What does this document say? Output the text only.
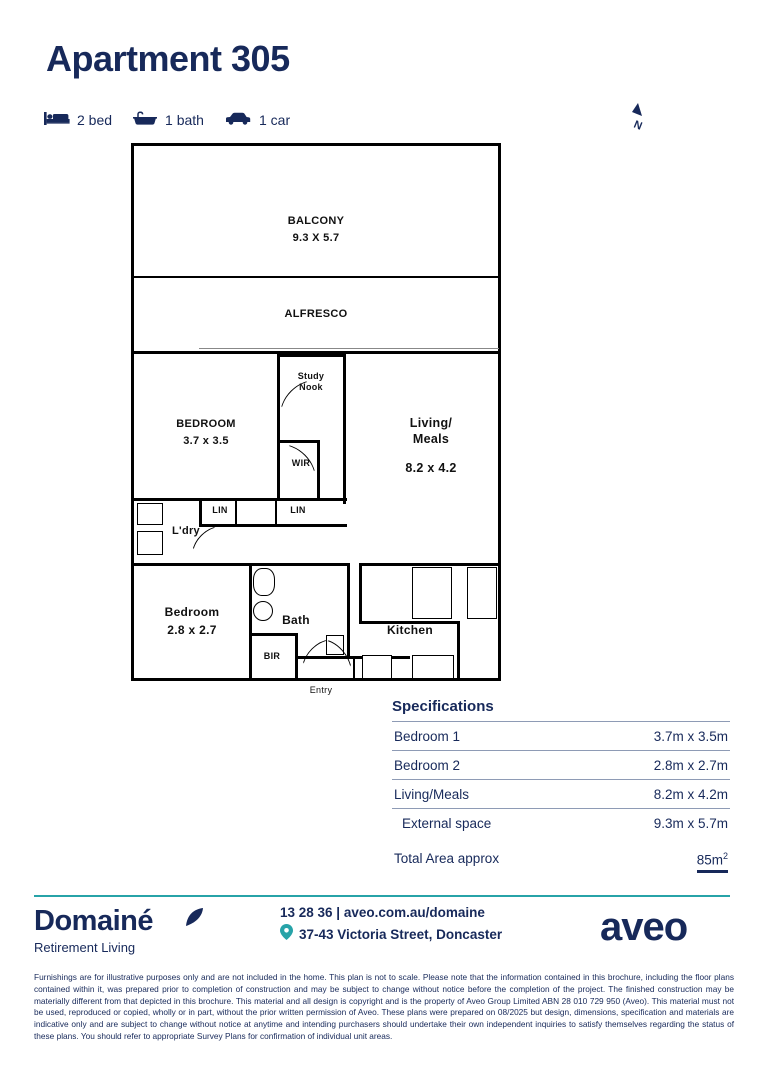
Apartment 305
2 bed	1 bath	1 car	N
BALCONY
9.3 X 5.7
ALFRESCO
Study
Nook
BEDROOM
3.7 x 3.5
WIR
Living/
Meals
8.2 x 4.2
LIN	LIN
L'dry
Bedroom
2.8 x 2.7
Bath
BIR
Kitchen
Entry
Specifications
Bedroom 1	3.7m x 3.5m
Bedroom 2	2.8m x 2.7m
Living/Meals	8.2m x 4.2m
External space	9.3m x 5.7m
Total Area approx	$85m^2$
Domainé
Retirement Living
13 28 36 | aveo.com.au/domaine
37-43 Victoria Street, Doncaster aveo
Furnishings are for illustrative purposes only and are not included in the home. This plan is not to scale. Please note that the information contained in this brochure, including the floor plans contained within it, was prepared prior to completion of construction and may be subject to change without notice before the completion of the project. The finished construction may be materially different from that depicted in this brochure. This material and all design is copyright and is the property of Aveo Group Limited ABN 28 010 729 950 (Aveo). This material must not be used, reproduced or copied, wholly or in part, without the prior written permission of Aveo. These plans were prepared on 08/2025 but design, dimensions, specification and materials are indicative only and are subject to change without notice at anytime and intending purchasers should undertake their own independent inquiries to satisfy themselves regarding the status of these plans. You should refer to appropriate Survey Plans for confirmation of individual unit areas.
